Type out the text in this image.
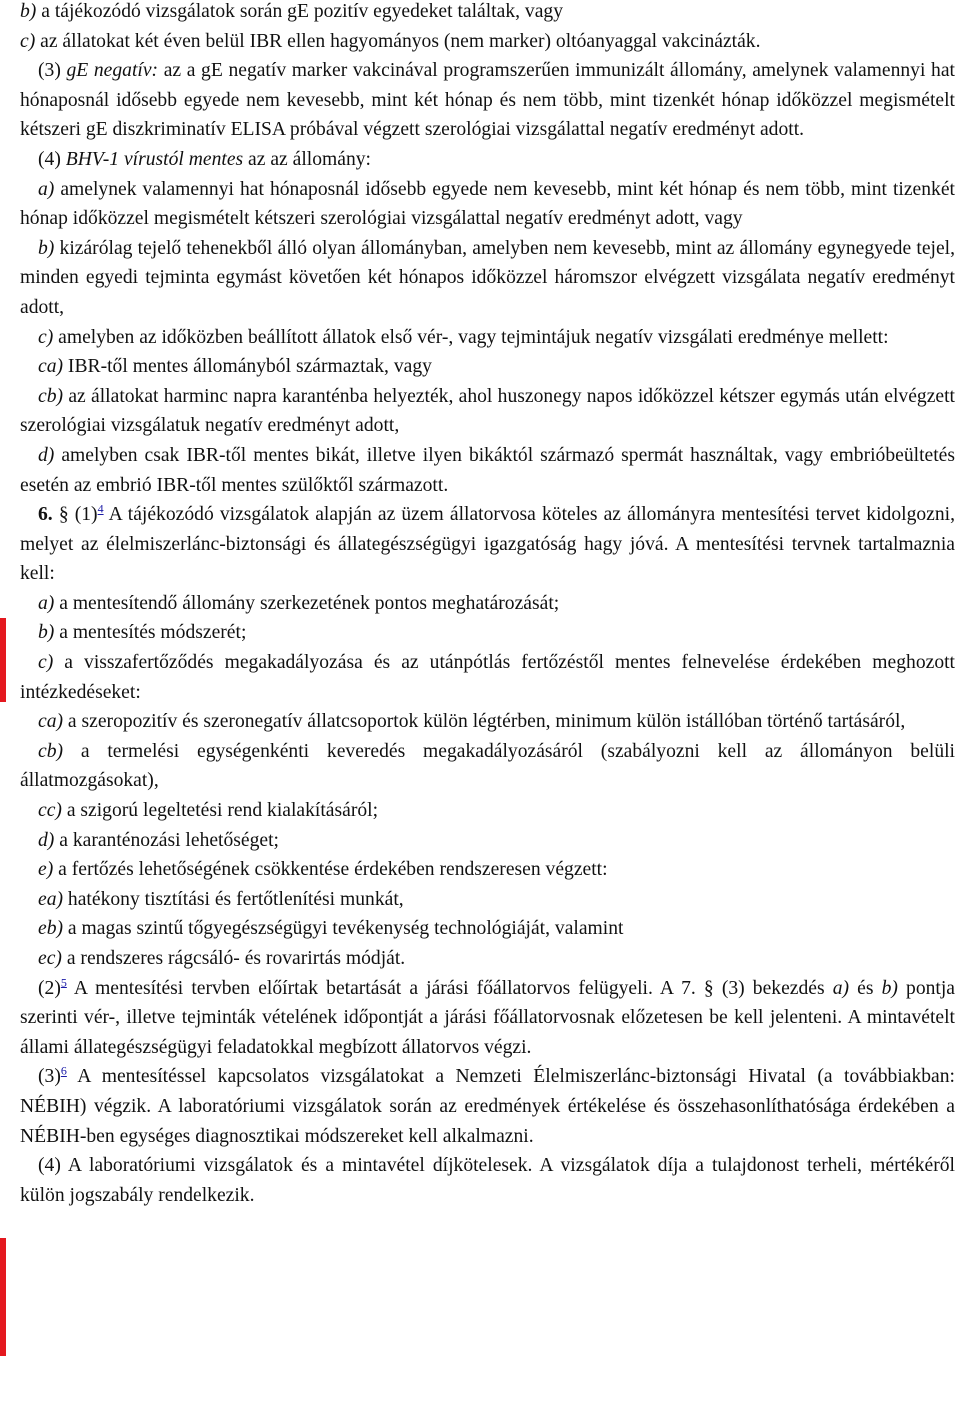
b) a tájékozódó vizsgálatok során gE pozitív egyedeket találtak, vagy

c) az állatokat két éven belül IBR ellen hagyományos (nem marker) oltóanyaggal vakcinázták.

(3) gE negatív: az a gE negatív marker vakcinával programszerűen immunizált állomány, amelynek valamennyi hat hónaposnál idősebb egyede nem kevesebb, mint két hónap és nem több, mint tizenkét hónap időközzel megismételt kétszeri gE diszkriminatív ELISA próbával végzett szerológiai vizsgálattal negatív eredményt adott.

(4) BHV-1 vírustól mentes az az állomány:

a) amelynek valamennyi hat hónaposnál idősebb egyede nem kevesebb, mint két hónap és nem több, mint tizenkét hónap időközzel megismételt kétszeri szerológiai vizsgálattal negatív eredményt adott, vagy

b) kizárólag tejelő tehenekből álló olyan állományban, amelyben nem kevesebb, mint az állomány egynegyede tejel, minden egyedi tejminta egymást követően két hónapos időközzel háromszor elvégzett vizsgálata negatív eredményt adott,

c) amelyben az időközben beállított állatok első vér-, vagy tejmintájuk negatív vizsgálati eredménye mellett:

ca) IBR-től mentes állományból származtak, vagy

cb) az állatokat harminc napra karanténba helyezték, ahol huszonegy napos időközzel kétszer egymás után elvégzett szerológiai vizsgálatuk negatív eredményt adott,

d) amelyben csak IBR-től mentes bikát, illetve ilyen bikáktól származó spermát használtak, vagy embrióbeültetés esetén az embrió IBR-től mentes szülőktől származott.

6. § (1)$^4$ A tájékozódó vizsgálatok alapján az üzem állatorvosa köteles az állományra mentesítési tervet kidolgozni, melyet az élelmiszerlánc-biztonsági és állategészségügyi igazgatóság hagy jóvá. A mentesítési tervnek tartalmaznia kell:

a) a mentesítendő állomány szerkezetének pontos meghatározását;

b) a mentesítés módszerét;

c) a visszafertőződés megakadályozása és az utánpótlás fertőzéstől mentes felnevelése érdekében meghozott intézkedéseket:

ca) a szeropozitív és szeronegatív állatcsoportok külön légtérben, minimum külön istállóban történő tartásáról,

cb) a termelési egységenkénti keveredés megakadályozásáról (szabályozni kell az állományon belüli állatmozgásokat),

cc) a szigorú legeltetési rend kialakításáról;

d) a karanténozási lehetőséget;

e) a fertőzés lehetőségének csökkentése érdekében rendszeresen végzett:

ea) hatékony tisztítási és fertőtlenítési munkát,

eb) a magas szintű tőgyegészségügyi tevékenység technológiáját, valamint

ec) a rendszeres rágcsáló- és rovarirtás módját.

(2)$^5$ A mentesítési tervben előírtak betartását a járási főállatorvos felügyeli. A 7. § (3) bekezdés a) és b) pontja szerinti vér-, illetve tejminták vételének időpontját a járási főállatorvosnak előzetesen be kell jelenteni. A mintavételt állami állategészségügyi feladatokkal megbízott állatorvos végzi.

(3)$^6$ A mentesítéssel kapcsolatos vizsgálatokat a Nemzeti Élelmiszerlánc-biztonsági Hivatal (a továbbiakban: NÉBIH) végzik. A laboratóriumi vizsgálatok során az eredmények értékelése és összehasonlíthatósága érdekében a NÉBIH-ben egységes diagnosztikai módszereket kell alkalmazni.

(4) A laboratóriumi vizsgálatok és a mintavétel díjkötelesek. A vizsgálatok díja a tulajdonost terheli, mértékéről külön jogszabály rendelkezik.
